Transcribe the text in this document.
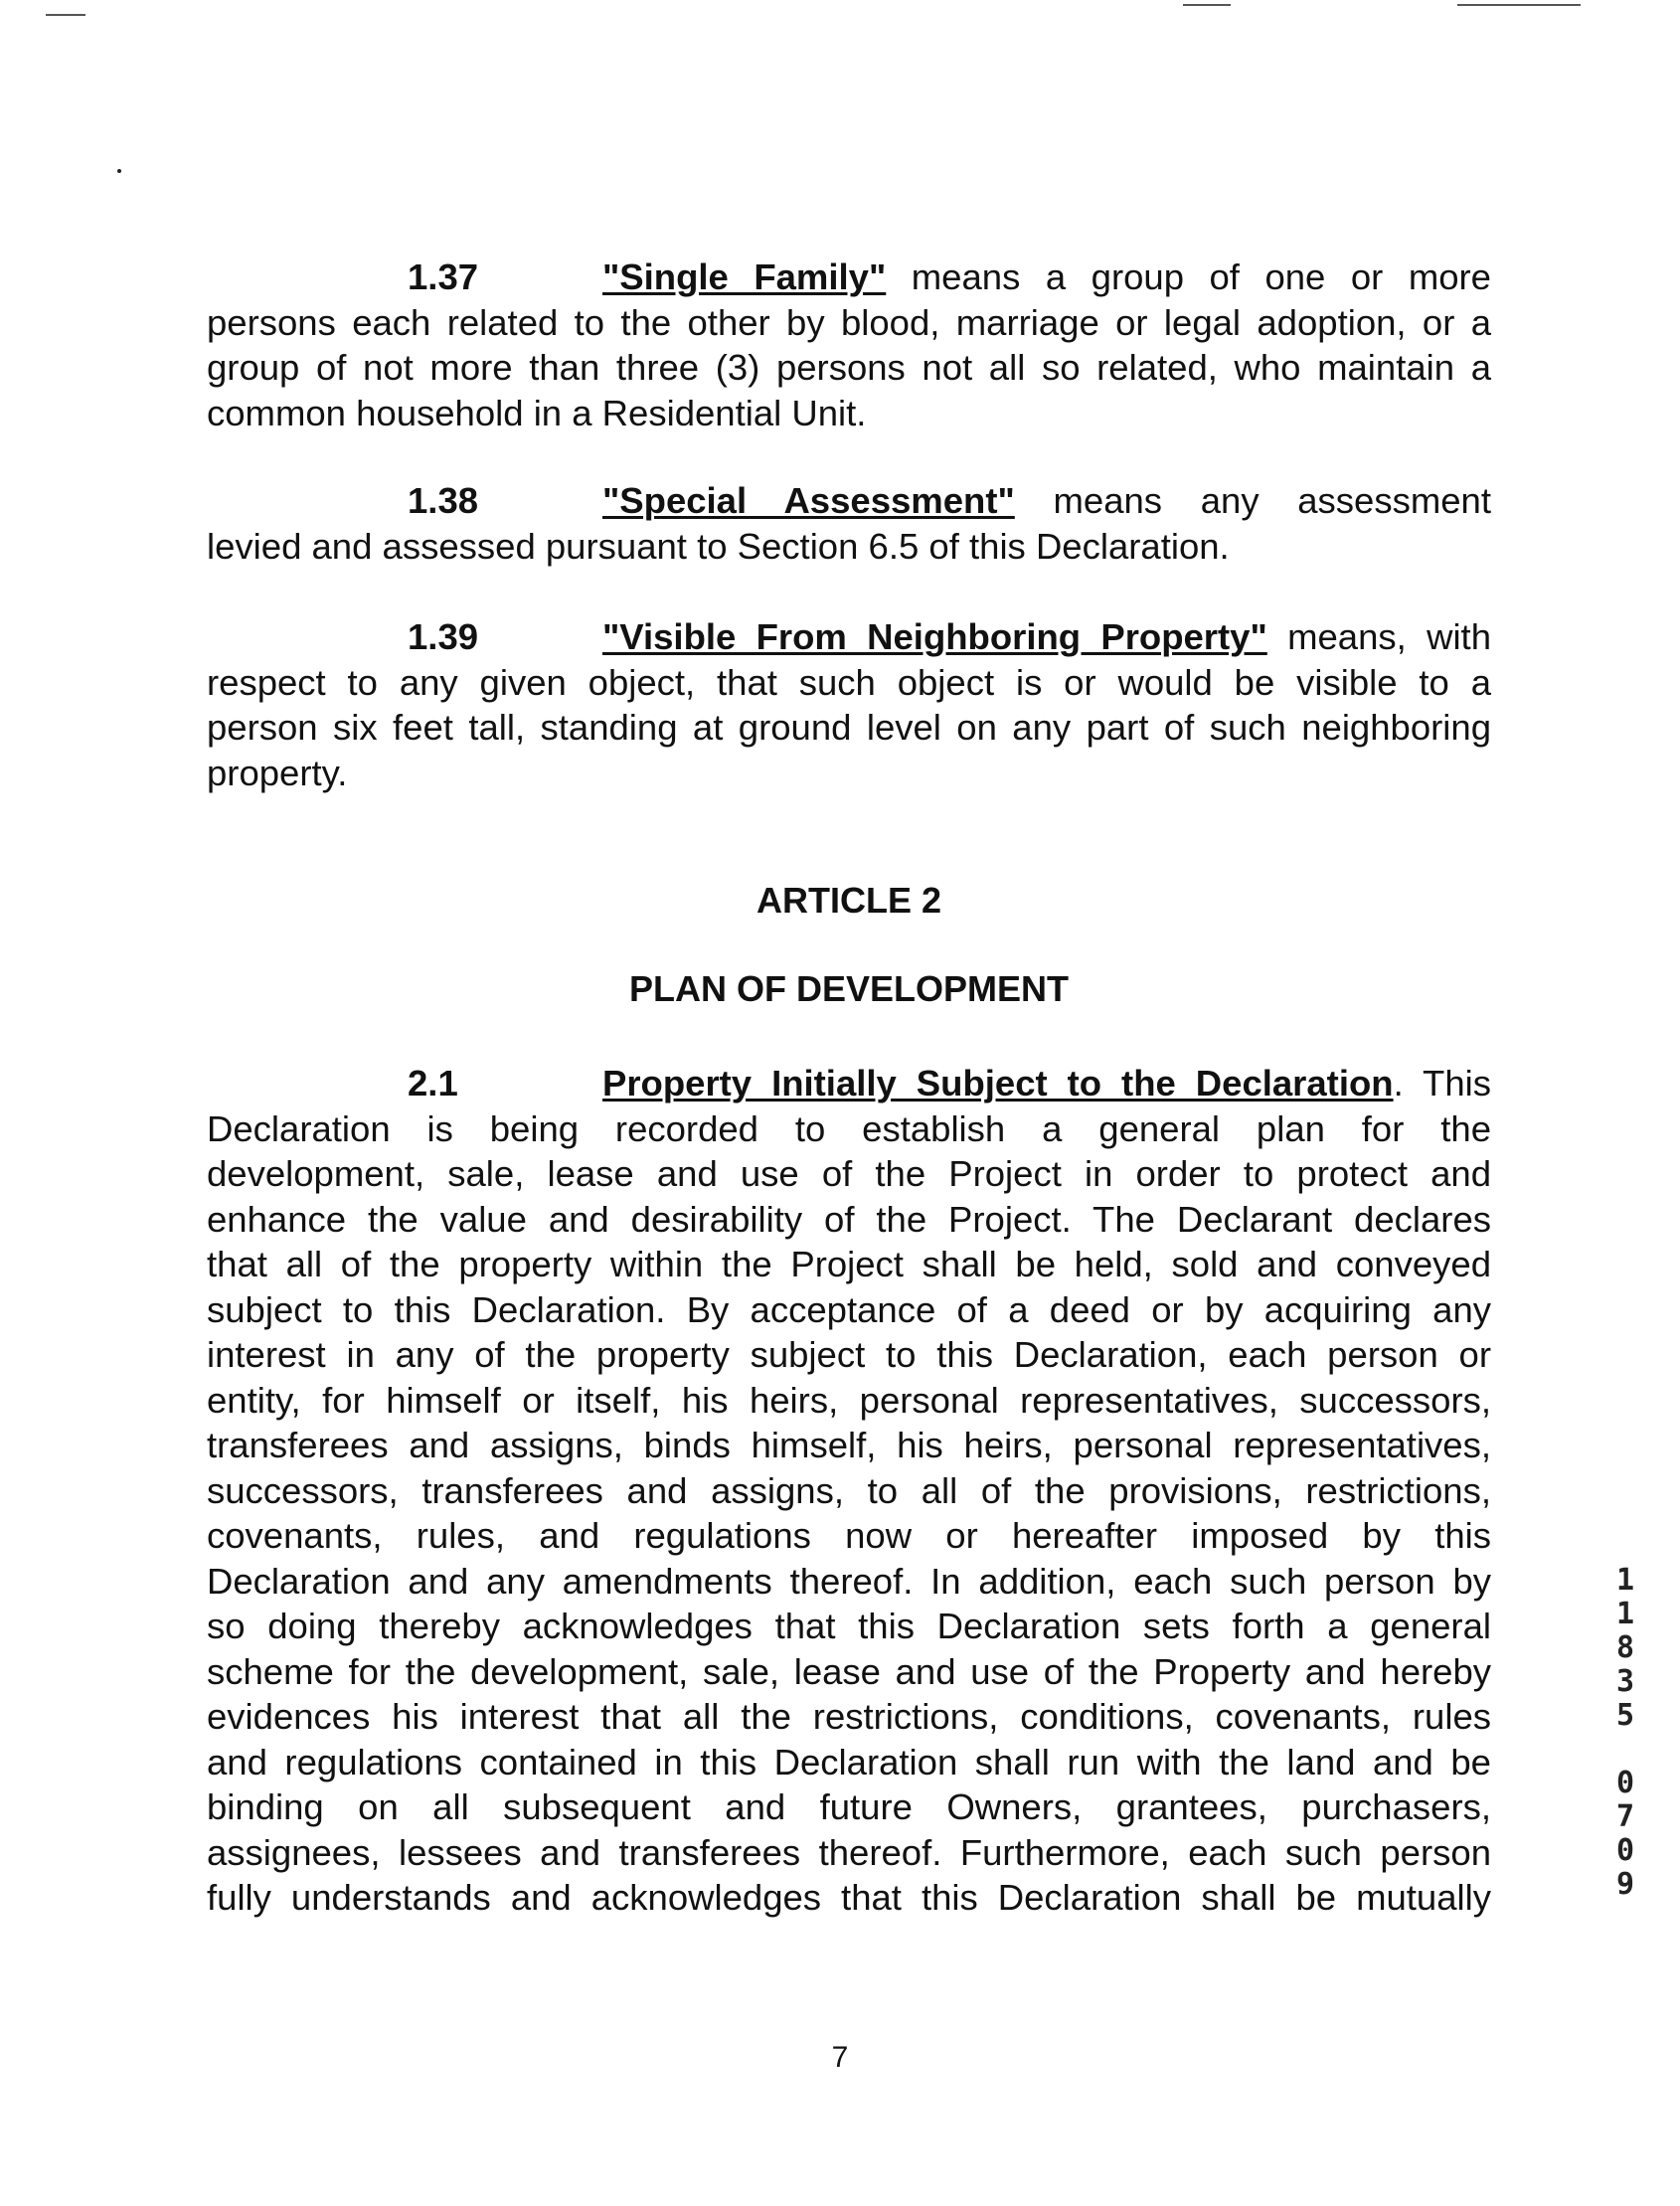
1.37	"Single Family" means a group of one or more

persons each related to the other by blood, marriage or legal adoption, or a

group of not more than three (3) persons not all so related, who maintain a

common household in a Residential Unit.

1.38	"Special Assessment" means any assessment

levied and assessed pursuant to Section 6.5 of this Declaration.

1.39	"Visible From Neighboring Property" means, with

respect to any given object, that such object is or would be visible to a

person six feet tall, standing at ground level on any part of such neighboring

property.

ARTICLE 2

PLAN OF DEVELOPMENT

2.1	Property Initially Subject to the Declaration. This

Declaration is being recorded to establish a general plan for the

development, sale, lease and use of the Project in order to protect and

enhance the value and desirability of the Project. The Declarant declares

that all of the property within the Project shall be held, sold and conveyed

subject to this Declaration. By acceptance of a deed or by acquiring any

interest in any of the property subject to this Declaration, each person or

entity, for himself or itself, his heirs, personal representatives, successors,

transferees and assigns, binds himself, his heirs, personal representatives,

successors, transferees and assigns, to all of the provisions, restrictions,

covenants, rules, and regulations now or hereafter imposed by this

Declaration and any amendments thereof. In addition, each such person by

so doing thereby acknowledges that this Declaration sets forth a general

scheme for the development, sale, lease and use of the Property and hereby

evidences his interest that all the restrictions, conditions, covenants, rules

and regulations contained in this Declaration shall run with the land and be

binding on all subsequent and future Owners, grantees, purchasers,

assignees, lessees and transferees thereof. Furthermore, each such person

fully understands and acknowledges that this Declaration shall be mutually

1
1
8
3
5
0
7
0
9
7
